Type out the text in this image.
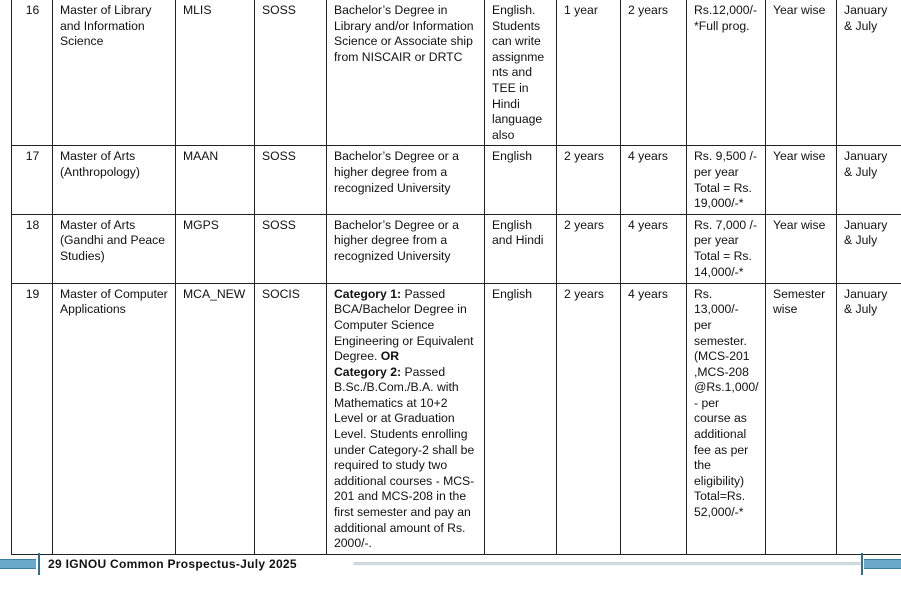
16	Master of Library and Information Science	MLIS	SOSS	Bachelor’s Degree in Library and/or Information Science or Associate ship from NISCAIR or DRTC	English. Students can write assignme nts and TEE in Hindi language also	1 year	2 years	Rs.12,000/- *Full prog.	Year wise	January & July
17	Master of Arts (Anthropology)	MAAN	SOSS	Bachelor’s Degree or a higher degree from a recognized University	English	2 years	4 years	Rs. 9,500 /- per year Total = Rs. 19,000/-*	Year wise	January & July
18	Master of Arts (Gandhi and Peace Studies)	MGPS	SOSS	Bachelor’s Degree or a higher degree from a recognized University	English and Hindi	2 years	4 years	Rs. 7,000 /- per year Total = Rs. 14,000/-*	Year wise	January & July
19	Master of Computer Applications	MCA_NEW	SOCIS	Category 1: Passed BCA/Bachelor Degree in Computer Science Engineering or Equivalent Degree. OR
Category 2: Passed B.Sc./B.Com./B.A. with Mathematics at 10+2 Level or at Graduation Level. Students enrolling under Category-2 shall be required to study two additional courses - MCS-201 and MCS-208 in the first semester and pay an additional amount of Rs. 2000/-.	English	2 years	4 years	Rs. 13,000/- per semester. (MCS-201 ,MCS-208 @Rs.1,000/ - per course as additional fee as per the eligibility) Total=Rs. 52,000/-*	Semester wise	January & July
29 IGNOU Common Prospectus-July 2025
